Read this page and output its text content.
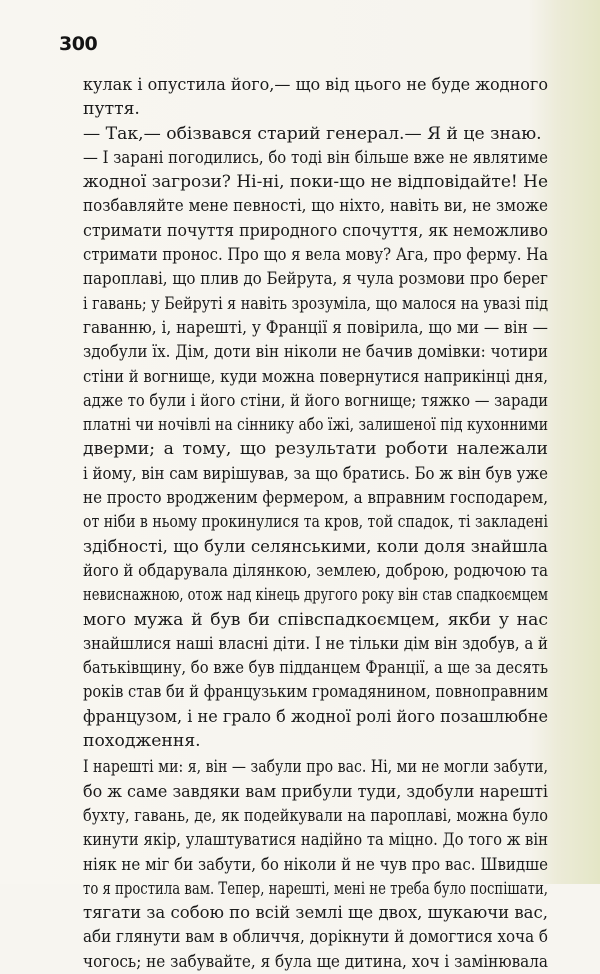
300
кулак і опустила його,— що від цього не буде жодного
пуття.
— Так,— обізвався старий генерал.— Я й це знаю.
— І зарані погодились, бо тоді він більше вже не являтиме
жодної загрози? Ні-ні, поки-що не відповідайте! Не
позбавляйте мене певності, що ніхто, навіть ви, не зможе
стримати почуття природного спочуття, як неможливо
стримати пронос. Про що я вела мову? Ага, про ферму. На
пароплаві, що плив до Бейрута, я чула розмови про берег
і гавань; у Бейруті я навіть зрозуміла, що малося на увазі під
гаванню, і, нарешті, у Франції я повірила, що ми — він —
здобули їх. Дім, доти він ніколи не бачив домівки: чотири
стіни й вогнище, куди можна повернутися наприкінці дня,
адже то були і його стіни, й його вогнище; тяжко — заради
платні чи ночівлі на сіннику або їжі, залишеної під кухонними
дверми; а тому, що результати роботи належали
і йому, він сам вирішував, за що братись. Бо ж він був уже
не просто вродженим фермером, а вправним господарем,
от ніби в ньому прокинулися та кров, той спадок, ті закладені
здібності, що були селянськими, коли доля знайшла
його й обдарувала ділянкою, землею, доброю, родючою та
невиснажною, отож над кінець другого року він став спадкоємцем
мого мужа й був би співспадкоємцем, якби у нас
знайшлися наші власні діти. І не тільки дім він здобув, а й
батьківщину, бо вже був підданцем Франції, а ще за десять
років став би й французьким громадянином, повноправним
французом, і не грало б жодної ролі його позашлюбне
походження.
І нарешті ми: я, він — забули про вас. Ні, ми не могли забути,
бо ж саме завдяки вам прибули туди, здобули нарешті
бухту, гавань, де, як подейкували на пароплаві, можна було
кинути якір, улаштуватися надійно та міцно. До того ж він
ніяк не міг би забути, бо ніколи й не чув про вас. Швидше
то я простила вам. Тепер, нарешті, мені не треба було поспішати,
тягати за собою по всій землі ще двох, шукаючи вас,
аби глянути вам в обличчя, дорікнути й домогтися хоча б
чогось; не забувайте, я була ще дитина, хоч і замінювала
